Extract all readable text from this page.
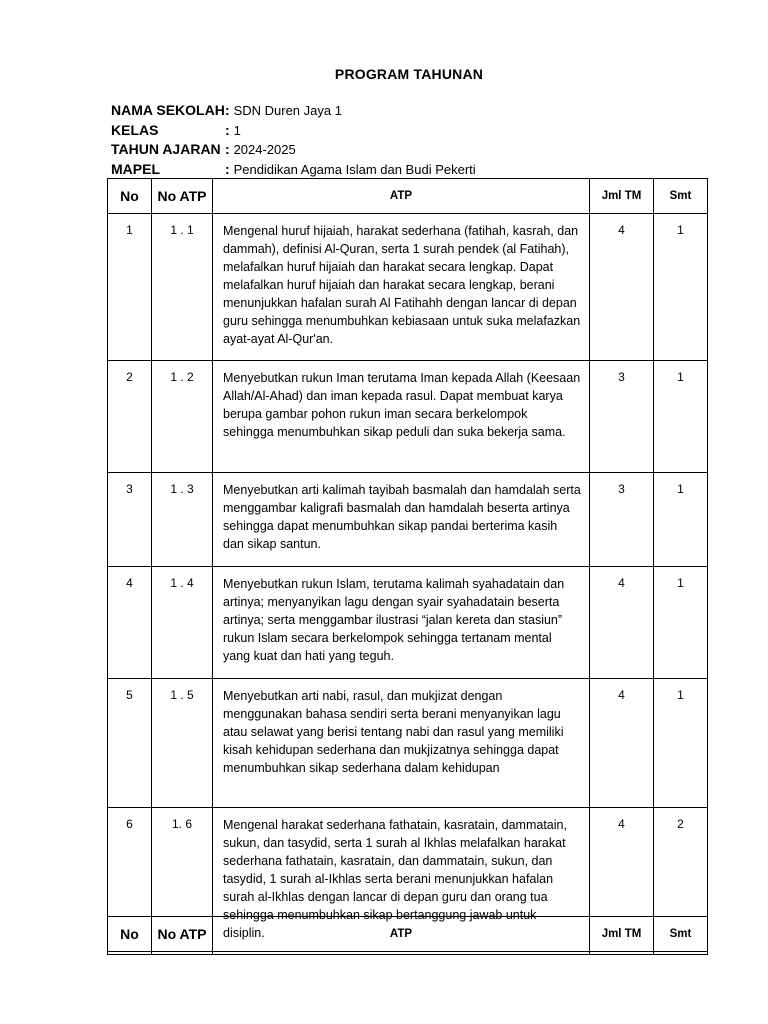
PROGRAM TAHUNAN
NAMA SEKOLAH: SDN Duren Jaya 1
KELAS	: 1
TAHUN AJARAN : 2024-2025
MAPEL	: Pendidikan Agama Islam dan Budi Pekerti
No	No ATP	ATP	Jml TM	Smt
1	1 . 1	Mengenal huruf hijaiah, harakat sederhana (fatihah, kasrah, dan dammah), definisi Al-Quran, serta 1 surah pendek (al Fatihah), melafalkan huruf hijaiah dan harakat secara lengkap. Dapat melafalkan huruf hijaiah dan harakat secara lengkap, berani menunjukkan hafalan surah Al Fatihahh dengan lancar di depan guru sehingga menumbuhkan kebiasaan untuk suka melafazkan ayat-ayat Al-Qur'an.	4	1
2	1 . 2	Menyebutkan rukun Iman terutama Iman kepada Allah (Keesaan Allah/Al-Ahad) dan iman kepada rasul. Dapat membuat karya berupa gambar pohon rukun iman secara berkelompok sehingga menumbuhkan sikap peduli dan suka bekerja sama.	3	1
3	1 . 3	Menyebutkan arti kalimah tayibah basmalah dan hamdalah serta menggambar kaligrafi basmalah dan hamdalah beserta artinya sehingga dapat menumbuhkan sikap pandai berterima kasih dan sikap santun.	3	1
4	1 . 4	Menyebutkan rukun Islam, terutama kalimah syahadatain dan artinya; menyanyikan lagu dengan syair syahadatain beserta artinya; serta menggambar ilustrasi “jalan kereta dan stasiun” rukun Islam secara berkelompok sehingga tertanam mental yang kuat dan hati yang teguh.	4	1
5	1 . 5	Menyebutkan arti nabi, rasul, dan mukjizat dengan menggunakan bahasa sendiri serta berani menyanyikan lagu atau selawat yang berisi tentang nabi dan rasul yang memiliki kisah kehidupan sederhana dan mukjizatnya sehingga dapat menumbuhkan sikap sederhana dalam kehidupan	4	1
6	1. 6	Mengenal harakat sederhana fathatain, kasratain, dammatain, sukun, dan tasydid, serta 1 surah al Ikhlas melafalkan harakat sederhana fathatain, kasratain, dan dammatain, sukun, dan tasydid, 1 surah al-Ikhlas serta berani menunjukkan hafalan surah al-Ikhlas dengan lancar di depan guru dan orang tua sehingga menumbuhkan sikap bertanggung jawab untuk disiplin.	4	2
No	No ATP	ATP	Jml TM	Smt
